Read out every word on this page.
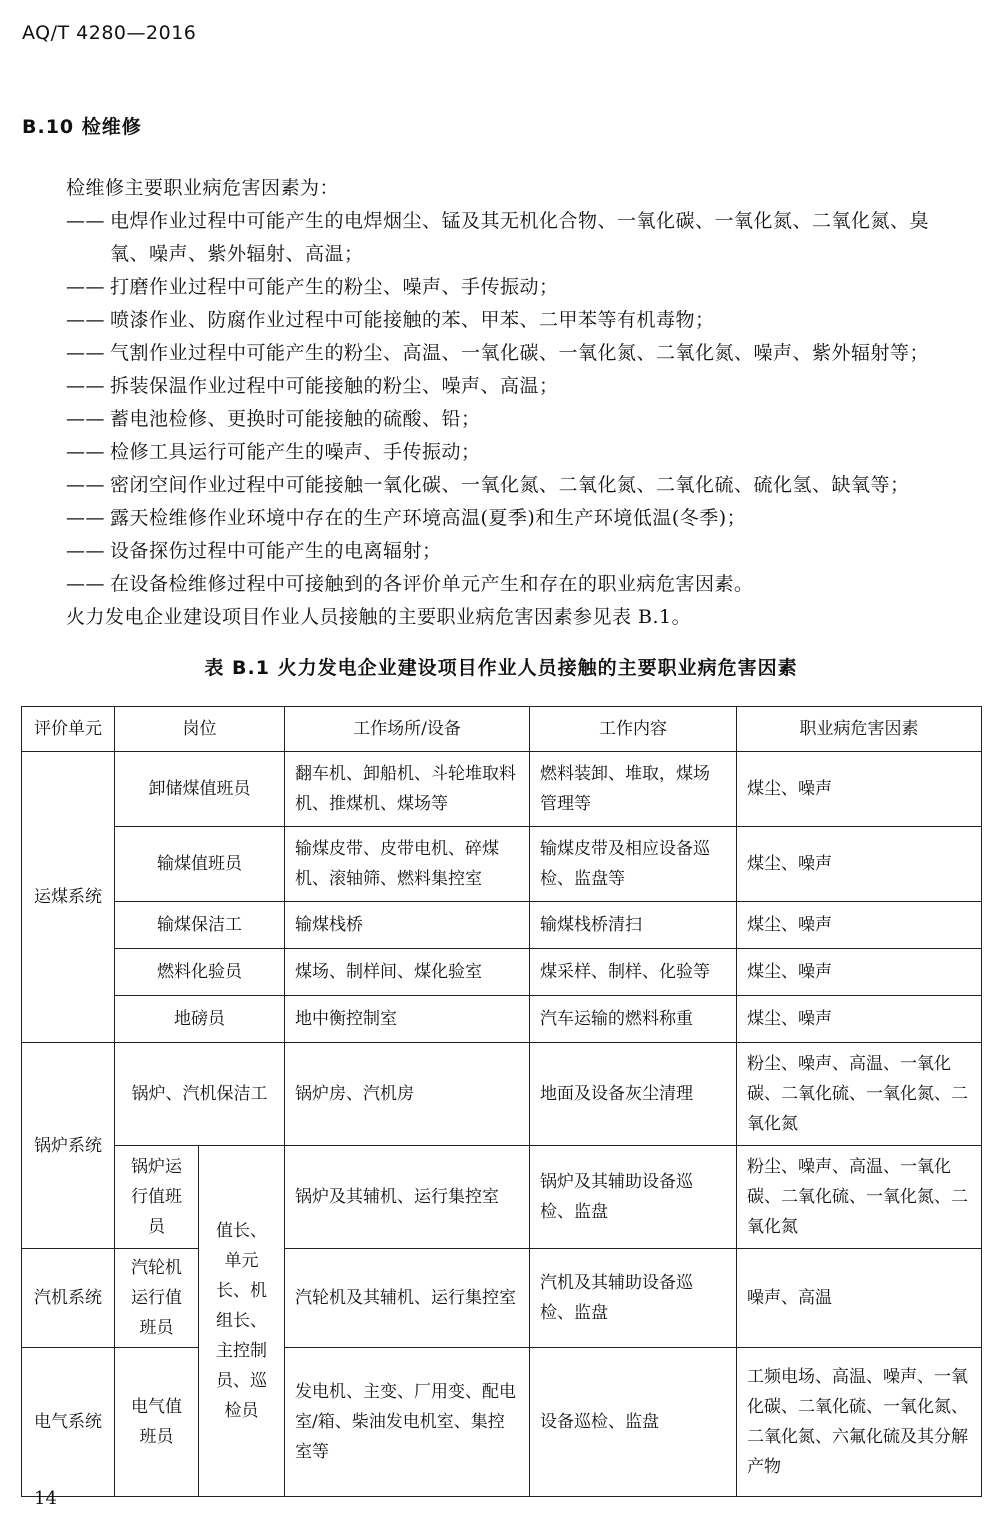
AQ/T 4280—2016
B.10 检维修
检维修主要职业病危害因素为：
—— 电焊作业过程中可能产生的电焊烟尘、锰及其无机化合物、一氧化碳、一氧化氮、二氧化氮、臭
氧、噪声、紫外辐射、高温；
—— 打磨作业过程中可能产生的粉尘、噪声、手传振动；
—— 喷漆作业、防腐作业过程中可能接触的苯、甲苯、二甲苯等有机毒物；
—— 气割作业过程中可能产生的粉尘、高温、一氧化碳、一氧化氮、二氧化氮、噪声、紫外辐射等；
—— 拆装保温作业过程中可能接触的粉尘、噪声、高温；
—— 蓄电池检修、更换时可能接触的硫酸、铅；
—— 检修工具运行可能产生的噪声、手传振动；
—— 密闭空间作业过程中可能接触一氧化碳、一氧化氮、二氧化氮、二氧化硫、硫化氢、缺氧等；
—— 露天检维修作业环境中存在的生产环境高温(夏季)和生产环境低温(冬季)；
—— 设备探伤过程中可能产生的电离辐射；
—— 在设备检维修过程中可接触到的各评价单元产生和存在的职业病危害因素。
火力发电企业建设项目作业人员接触的主要职业病危害因素参见表 B.1。
表 B.1 火力发电企业建设项目作业人员接触的主要职业病危害因素
评价单元	岗位		工作场所/设备	工作内容	职业病危害因素
运煤系统	卸储煤值班员		翻车机、卸船机、斗轮堆取料机、推煤机、煤场等	燃料装卸、堆取，煤场管理等	煤尘、噪声
	输煤值班员		输煤皮带、皮带电机、碎煤机、滚轴筛、燃料集控室	输煤皮带及相应设备巡检、监盘等	煤尘、噪声
	输煤保洁工		输煤栈桥	输煤栈桥清扫	煤尘、噪声
	燃料化验员		煤场、制样间、煤化验室	煤采样、制样、化验等	煤尘、噪声
	地磅员		地中衡控制室	汽车运输的燃料称重	煤尘、噪声
锅炉系统	锅炉、汽机保洁工		锅炉房、汽机房	地面及设备灰尘清理	粉尘、噪声、高温、一氧化碳、二氧化硫、一氧化氮、二氧化氮
	锅炉运行值班员	值长、单元长、机组长、主控制员、巡检员	锅炉及其辅机、运行集控室	锅炉及其辅助设备巡检、监盘	粉尘、噪声、高温、一氧化碳、二氧化硫、一氧化氮、二氧化氮
汽机系统	汽轮机运行值班员		汽轮机及其辅机、运行集控室	汽机及其辅助设备巡检、监盘	噪声、高温
电气系统	电气值班员		发电机、主变、厂用变、配电室/箱、柴油发电机室、集控室等	设备巡检、监盘	工频电场、高温、噪声、一氧化碳、二氧化硫、一氧化氮、二氧化氮、六氟化硫及其分解产物
14
